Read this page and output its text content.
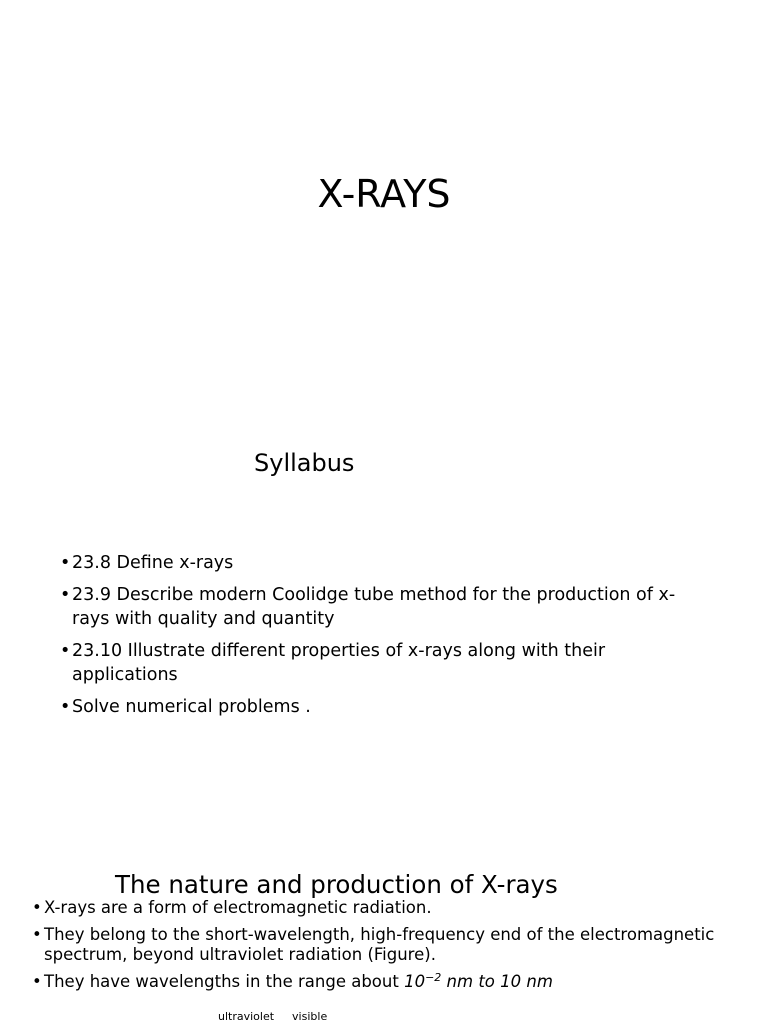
X-RAYS
Syllabus
• 23.8 Define x-rays
• 23.9 Describe modern Coolidge tube method for the production of x-rays with quality and quantity
• 23.10 Illustrate different properties of x-rays along with their applications
• Solve numerical problems .
The nature and production of X-rays
• X-rays are a form of electromagnetic radiation.
• They belong to the short-wavelength, high-frequency end of the electromagnetic spectrum, beyond ultraviolet radiation (Figure).
• They have wavelengths in the range about $10^{-2}$ nm to 10 nm
ultraviolet visible
